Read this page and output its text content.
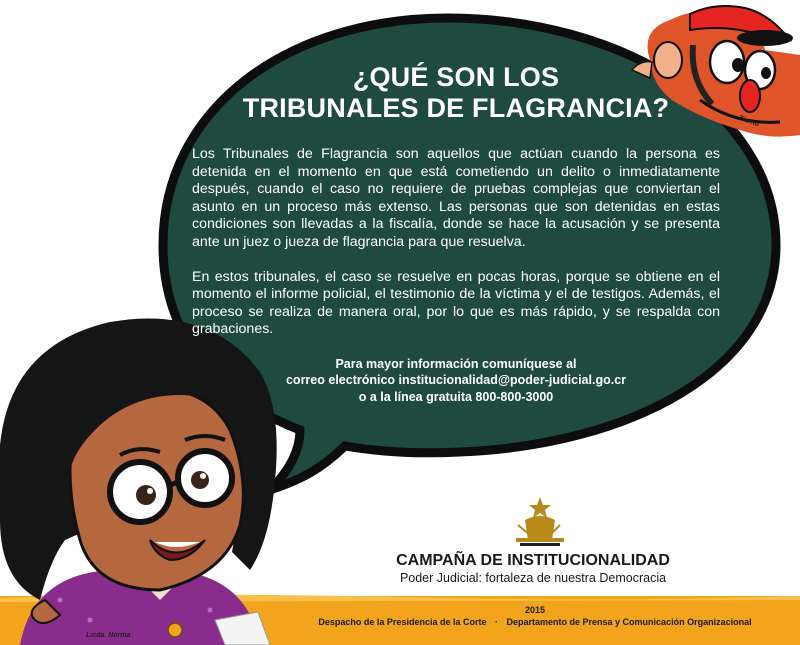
¿QUÉ SON LOS
TRIBUNALES DE FLAGRANCIA?

Los Tribunales de Flagrancia son aquellos que actúan cuando la persona es detenida en el momento en que está cometiendo un delito o inmediatamente después, cuando el caso no requiere de pruebas complejas que conviertan el asunto en un proceso más extenso. Las personas que son detenidas en estas condiciones son llevadas a la fiscalía, donde se hace la acusación y se presenta ante un juez o jueza de flagrancia para que resuelva.

En estos tribunales, el caso se resuelve en pocas horas, porque se obtiene en el momento el informe policial, el testimonio de la víctima y el de testigos. Además, el proceso se realiza de manera oral, por lo que es más rápido, y se respalda con grabaciones.

Para mayor información comuníquese al
correo electrónico institucionalidad@poder-judicial.go.cr
o a la línea gratuita 800-800-3000
CAMPAÑA DE INSTITUCIONALIDAD
Poder Judicial: fortaleza de nuestra Democracia
2015
Despacho de la Presidencia de la Corte · Departamento de Prensa y Comunicación Organizacional
Tierno
Licda. Norma
